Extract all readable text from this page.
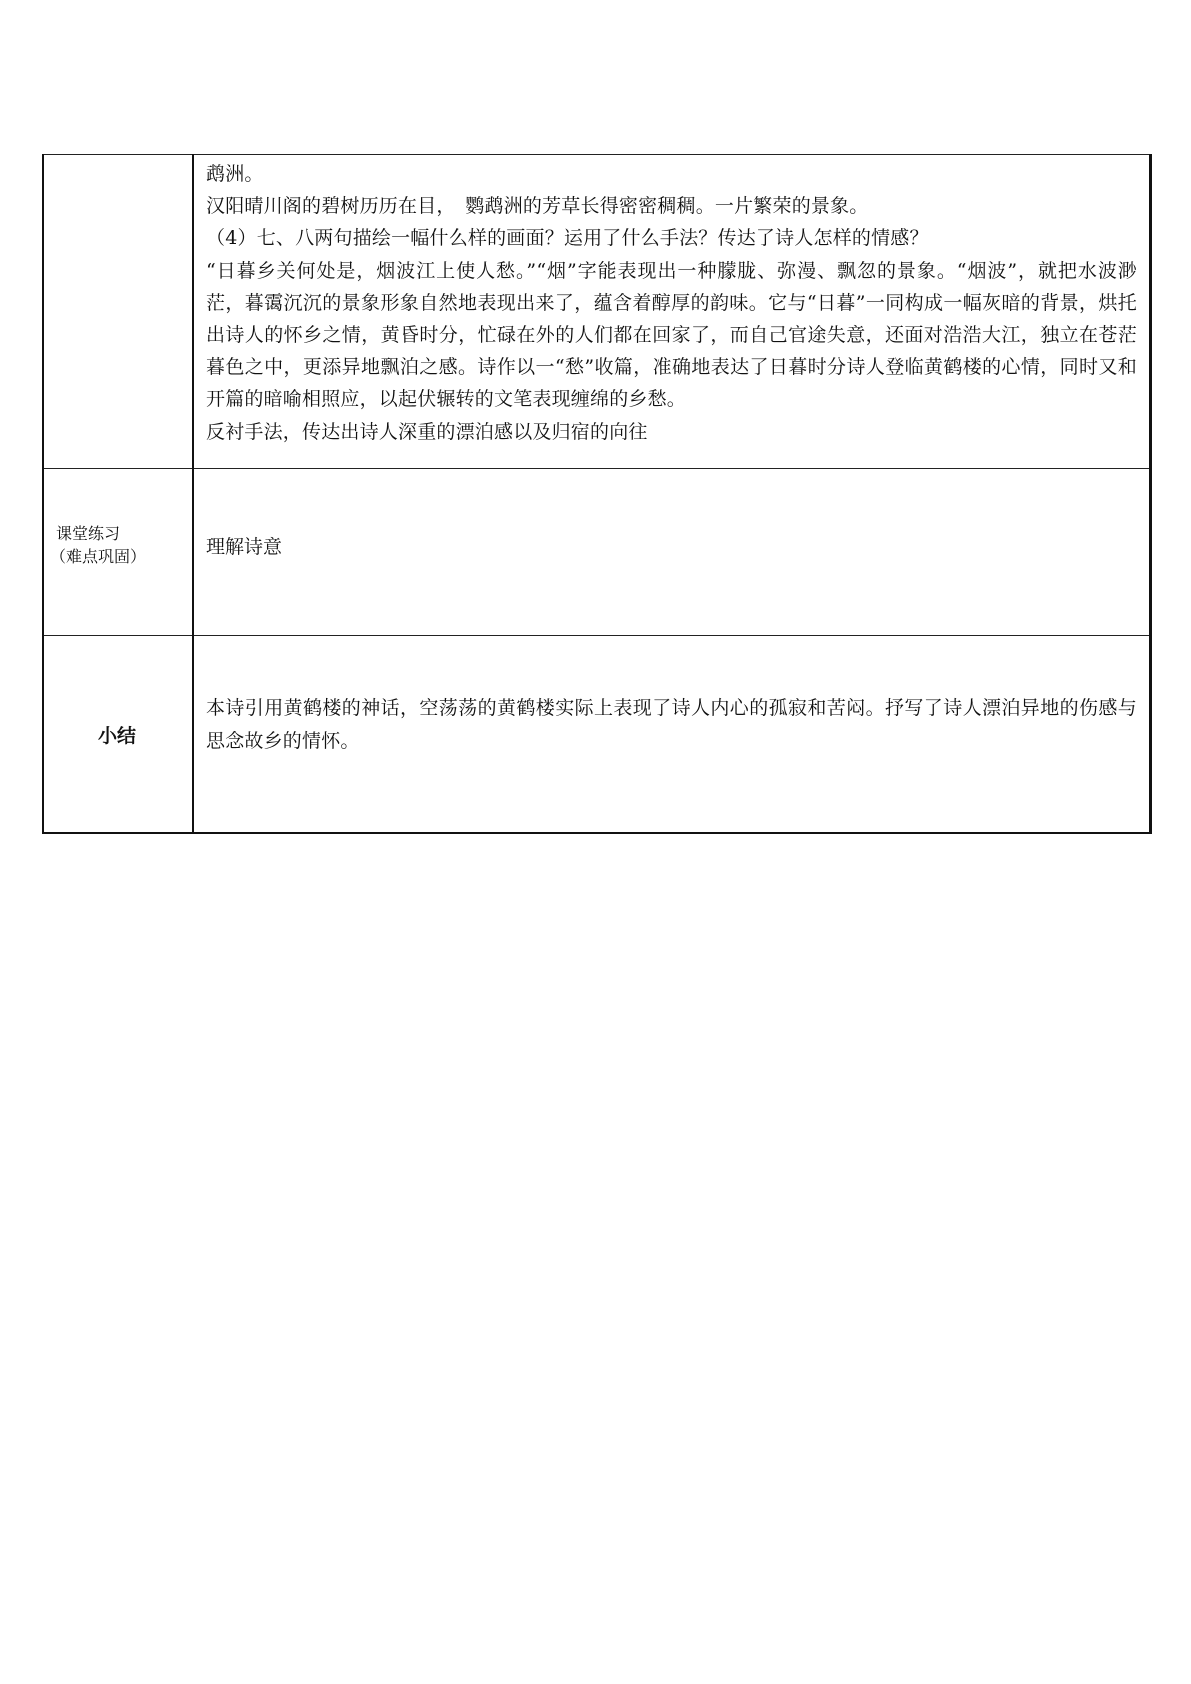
	鹉洲。

汉阳晴川阁的碧树历历在目，　鹦鹉洲的芳草长得密密稠稠。一片繁荣的景象。

（4）七、八两句描绘一幅什么样的画面？运用了什么手法？传达了诗人怎样的情感？

“日暮乡关何处是，烟波江上使人愁。”“烟”字能表现出一种朦胧、弥漫、飘忽的景象。“烟波”，就把水波渺茫，暮霭沉沉的景象形象自然地表现出来了，蕴含着醇厚的韵味。它与“日暮”一同构成一幅灰暗的背景，烘托出诗人的怀乡之情，黄昏时分，忙碌在外的人们都在回家了，而自己官途失意，还面对浩浩大江，独立在苍茫暮色之中，更添异地飘泊之感。诗作以一“愁”收篇，准确地表达了日暮时分诗人登临黄鹤楼的心情，同时又和开篇的暗喻相照应，以起伏辗转的文笔表现缠绵的乡愁。

反衬手法，传达出诗人深重的漂泊感以及归宿的向往

课堂练习
（难点巩固）	理解诗意

小结	本诗引用黄鹤楼的神话，空荡荡的黄鹤楼实际上表现了诗人内心的孤寂和苦闷。抒写了诗人漂泊异地的伤感与思念故乡的情怀。
